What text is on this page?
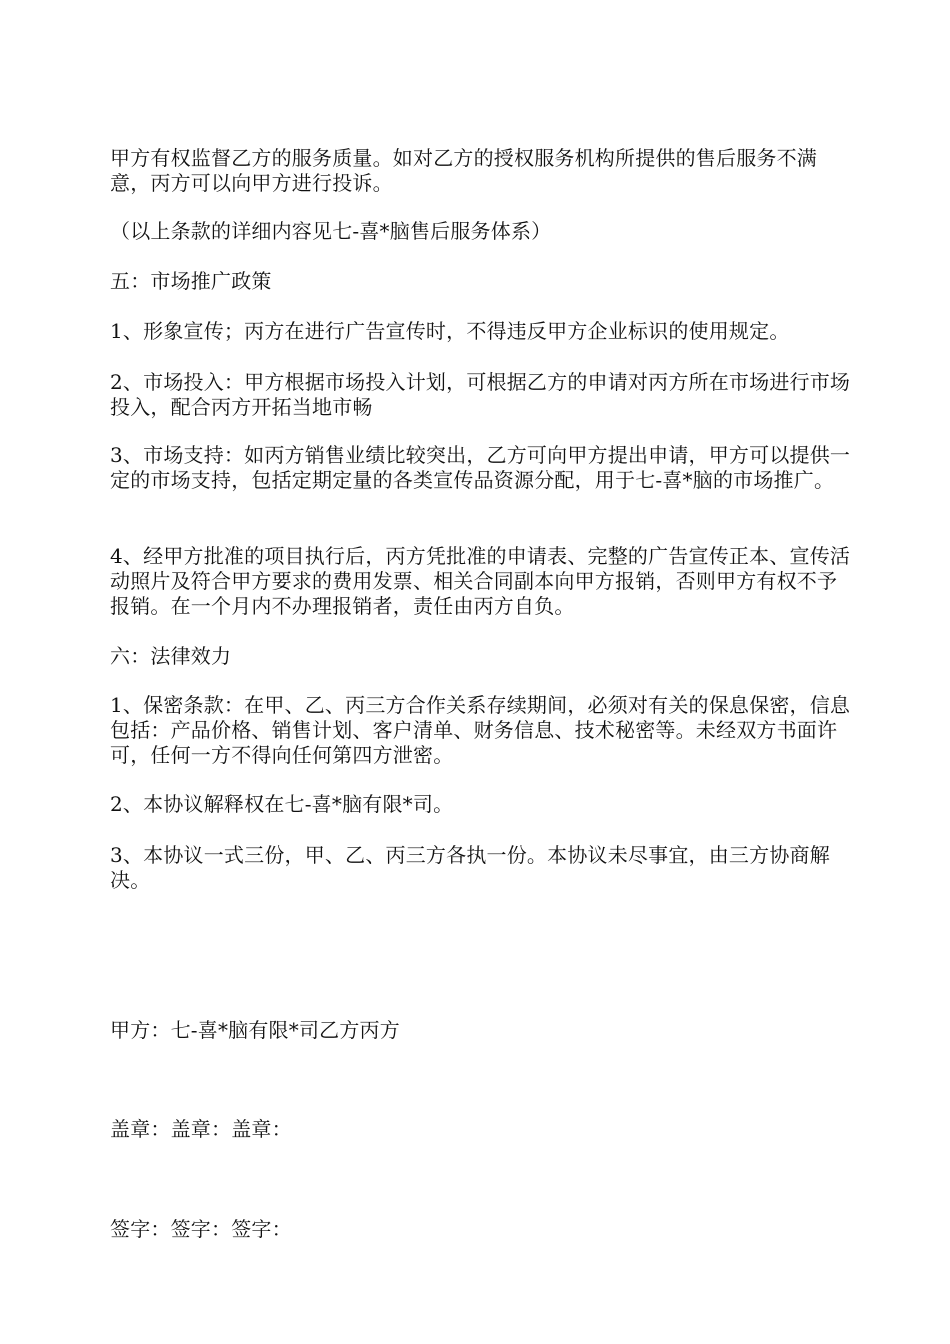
甲方有权监督乙方的服务质量。如对乙方的授权服务机构所提供的售后服务不满意，丙方可以向甲方进行投诉。
（以上条款的详细内容见七-喜*脑售后服务体系）
五：市场推广政策
1、形象宣传；丙方在进行广告宣传时，不得违反甲方企业标识的使用规定。
2、市场投入：甲方根据市场投入计划，可根据乙方的申请对丙方所在市场进行市场投入，配合丙方开拓当地市畅
3、市场支持：如丙方销售业绩比较突出，乙方可向甲方提出申请，甲方可以提供一定的市场支持，包括定期定量的各类宣传品资源分配，用于七-喜*脑的市场推广。
4、经甲方批准的项目执行后，丙方凭批准的申请表、完整的广告宣传正本、宣传活动照片及符合甲方要求的费用发票、相关合同副本向甲方报销，否则甲方有权不予报销。在一个月内不办理报销者，责任由丙方自负。
六：法律效力
1、保密条款：在甲、乙、丙三方合作关系存续期间，必须对有关的保息保密，信息包括：产品价格、销售计划、客户清单、财务信息、技术秘密等。未经双方书面许可，任何一方不得向任何第四方泄密。
2、本协议解释权在七-喜*脑有限*司。
3、本协议一式三份，甲、乙、丙三方各执一份。本协议未尽事宜，由三方协商解决。
甲方：七-喜*脑有限*司乙方丙方
盖章：盖章：盖章：
签字：签字：签字：
